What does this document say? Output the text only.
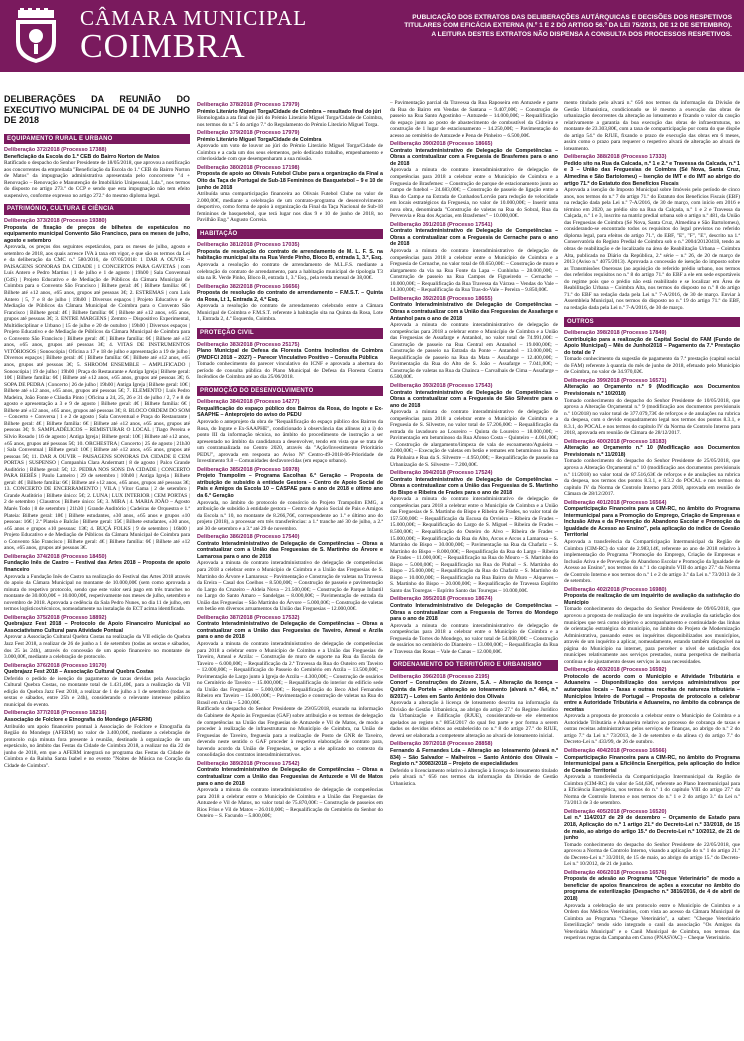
CÂMARA MUNICIPAL
COIMBRA
PUBLICAÇÃO DOS EXTRATOS DAS DELIBERAÇÕES AUTÁRQUICAS E DECISÕES DOS RESPETIVOS TITULARES COM EFICÁCIA EXTERNA (N.º 1 E 2 DO ARTIGO 56.º DA LEI 75/2013, DE 12 DE SETEMBRO). A LEITURA DESTES EXTRATOS NÃO DISPENSA A CONSULTA DOS PROCESSOS RESPETIVOS.
DELIBERAÇÕES DA REUNIÃO DO EXECUTIVO MUNICIPAL DE 04 DE JUNHO DE 2018
EQUIPAMENTO RURAL E URBANO
Deliberação 372/2018 (Processo 17388)
Beneficiação da Escola do 1.º CEB do Bairro Norton de Matos

Ratificado o despacho do Senhor Presidente de 18/05/2018, que aprovou a notificação aos concorrentes da empreitada "Beneficiação da Escola do 1.º CEB do Bairro Norton de Matos" da impugnação administrativa apresentada pelo concorrente "4 + Renovação – Renovação e Manutenção de Imobiliário Unipessoal, Lda.", nos termos do disposto no artigo 273.º do CCP e sendo que esta impugnação não tem efeito suspensivo, conforme expresso no artigo 272.º do mesmo diploma legal.

PATRIMÓNIO, CULTURA E CIÊNCIA
Deliberação 373/2018 (Processo 19380)
Proposta de fixação de preços de bilhetes de espetáculos no equipamento municipal Convento São Francisco, para os meses de julho, agosto e setembro

Aprovada, os preços dos seguintes espetáculos, para os meses de julho, agosto e setembro de 2018, aos quais acresce IVA à taxa em vigor, e que são os termos da Lei e da deliberação da CMC n.º 580/2016, de 07/05/2018: 1 DAR A OUVIR – PAISAGENS SONORAS DA CIDADE | 1 CONCERTOS PARA GAVETAS | com Luís Antero e Pedro Martins | 1 de julho e 1 de agosto | 19h00 | Sala Conventual (CdS) | Projeto Educativo e de Mediação de Públicos da Câmara Municipal de Coimbra para o Convento São Francisco | Bilhete geral: 4€ | Bilhete família: 6€ | Bilhete até ±12 anos, ±65 anos, grupos até pessoas 3€; 2. ESTREMAS | com Luís Antero | 5, 7 e 8 de julho | 19h00 | Diversos espaços | Projeto Educativo e de Mediação de Públicos da Câmara Municipal de Coimbra para o Convento São Francisco | Bilhete geral: 4€ | Bilhete família: 6€ | Bilhete até ±12 anos, ±65 anos, grupos até pessoas 3€; 3. ENTRE MARGENS | Zemtro – Dispositivo Experimental, Multidisciplinar e Urbano | 15 de julho e 20 de outubro | 19h00 | Diversos espaços | Projeto Educativo e de Mediação de Públicos da Câmara Municipal de Coimbra para o Convento São Francisco | Bilhete geral: 4€ | Bilhete família: 6€ | Bilhete até ±12 anos, ±65 anos, grupos até pessoas 3€; 4. VITAS DE INSTRUMENTOS VITÓRIOSOS | Sonoscópia | Oficina a 17 e 18 de julho e apresentação a 19 de julho | Diversos espaços | Bilhete geral: 4€ | Bilhete família: 6€ | Bilhete até ±12 anos, ±65 anos, grupos até pessoas 3€; 5. SHROOM ENSEMBLE – AMPLIFICADO | Sonoscópia | 19 de julho | 19h00 | Praça do Restaurante e Antiga Igreja | Bilhete geral: 10€ | Bilhete família: 6€ | Bilhete até ±12 anos, ±65 anos, grupos até pessoas 3€; 6. SOPA DE PEDRA | Concerto | 26 de julho | 19h00 | Antiga Igreja | Bilhete geral: 10€ | Bilhete até ±12 anos, ±65 anos, grupos até pessoas 5€; 7. ELEMENTO | Luís Pedro Madeira, João Fonte e Cláudia Pinto | Oficina a 24, 25, 26 e 31 de julho / 2, 7 e 8 de agosto e apresentação a 3 e 9 de agosto | Bilhete geral: 4€ | Bilhete família: 6€ | Bilhete até ±12 anos, ±65 anos, grupos até pessoas 3€; 8. BLOCO ORDEM DO SOM – Concerto + Conversa | 1 e 2 de agosto | Sala Conventual e Praça do Restaurante | Bilhete geral: 4€ | Bilhete família: 6€ | Bilhete até ±12 anos, ±65 anos, grupos até pessoas 3€; 9. SAMPLADÉLICOS – REMISTURAR O LOCAL | Tiago Pereira e Sílvio Rosado | 16 de agosto | Antiga Igreja | Bilhete geral: 10€ | Bilhete até ±12 anos, ±65 anos, grupos até pessoas 5€; 10. ORCHESTRA | Concerto | 25 de agosto | 21h30 | Sala Conventual | Bilhete geral: 10€ | Bilhete até ±12 anos, ±65 anos, grupos até pessoas 5€; 11. DAR A OUVIR – PAISAGENS SONORAS DA CIDADE E CEM PORTAS | SUSPENSO | Companhia Clara Andermatt | 8 de agosto | Palco Grande Auditório | Bilhete geral: 5€; 12. PEDRA NOS SONS DA CIDADE | CONCERTO PARA BEBÉS | Paulo Lameiro | 29 de setembro | 10h00 | Antiga Igreja | Bilhete geral: 4€ | Bilhete família: 6€ | Bilhete até ±12 anos, ±65 anos, grupos até pessoas 3€; 13. CONCERTO DE ENCERRAMENTO | VILA | Vítor Gama | 2 de setembro | Grande Auditório | Bilhete único: 5€; 2. LUNA | LUX INTERIOR | CEM PORTAS | 2 de setembro | Claustros | Bilhete único: 5€; 3. MIRA | 4. MARIA JOÃO – Agosto Marés Todo | 8 de setembro | 21h30 | Grande Auditório | Cadeiras de Orquestra e 1.ª Plateia: Bilhete geral: 18€ | Bilhete estudantes, ±30 anos, ±65 anos e grupos ±10 pessoas: 16€ | 2.ª Plateia e Balcão | Bilhete geral: 15€ | Bilhete estudantes, ±30 anos, ±65 anos e grupos ±10 pessoas: 13€; 4. BUÇÁ FOLKS | 9 de setembro | 16h00 | Projeto Educativo e de Mediação de Públicos da Câmara Municipal de Coimbra para o Convento São Francisco | Bilhete geral: 4€ | Bilhete família: 6€ | Bilhete até ±12 anos, ±65 anos, grupos até pessoas 3€.

Deliberação 374/2018 (Processo 18450)
Fundação Inês de Castro – Festival das Artes 2018 – Proposta de apoio financeiro

Aprovada a Fundação Inês de Castro na realização do Festival das Artes 2018 através do apoio da Câmara Municipal no montante de 10.000,00€ (sem como aprovada a minuta do respetivo protocolo, sendo que este valor será pago em três tranches no montante de 30.000,00€ + 10.000,00€, respetivamente nos meses de julho, setembro e novembro de 2018. Aprovada a cedência da Sala Pedro Nunes, no dia 11 de julho, em termos logísticos/técnicos, nomeadamente na instalação do ECT acima identificada.

Deliberação 375/2018 (Processo 18892)
Quebrajazz Fest 2018 – Protocolo de Apoio Financeiro Municipal ao Associativismo Cultural para Atividade Pontual

Aprovar a Associação Cultural Quebra Costas na realização da VII edição do Quebra Jazz Fest 2018, a realizar de 26 de junho a 1 de setembro (todas as sextas e sábados, dos 25 às 24h), através do concessão de um apoio financeiro no montante de 3.000,00€, mediante a celebração de protocolo.

Deliberação 376/2018 (Processo 19170)
Quebrajazz Fest 2018 – Associação Cultural Quebra Costas

Deferido o pedido de isenção do pagamento de taxas devidas pela Associação Cultural Quebra Costas, no montante total de 1.431,40€, para a realização da VII edição do Quebra Jazz Fest 2018, a realizar de 1 de julho a 1 de setembro (todas as sextas e sábados, entre 25h e 24h), considerando o relevante interesse público municipal do evento.

Deliberação 377/2018 (Processo 18216)
Associação de Folclore e Etnografia do Mondego (AFERM)

Atribuído um apoio financeiro pontual à Associação de Folclore e Etnografia da Região do Mondego (AFERM) no valor de 3.400,00€, mediante a celebração de protocolo cuja minuta fora presente à reunião, destinado à organização de um espetáculo, no âmbito das Festas da Cidade de Coimbra 2018, a realizar no dia 22 de junho de 2018, em que a AFERM integrará no programa das Festas da Cidade de Coimbra e da Rainha Santa Isabel e no evento "Noites de Música no Coração da Cidade de Coimbra".

Deliberação 378/2018 (Processo 17979)
Prémio Literário Miguel Torga/Cidade de Coimbra – resultado final do júri

Homologada a ata final do júri do Prémio Literário Miguel Torga/Cidade de Coimbra, nos termos do n.º 5 do artigo 7.º do Regulamento do Prémio Literário Miguel Torga.

Deliberação 379/2018 (Processo 17979)
Prémio Literário Miguel Torga/Cidade de Coimbra

Aprovado um voto de louvor ao júri do Prémio Literário Miguel Torga/Cidade de Coimbra e a cada um dos seus elementos, pelo dedicado trabalho, empenhamento e criteriosidade com que desempenharam a sua missão.

Deliberação 380/2018 (Processo 17198)
Proposta de apoio ao Olivais Futebol Clube para a organização da Final a Oito da Taça de Portugal de Sub-18 Femininos de Basquetebol – 9 e 10 de junho de 2018

Atribuída uma comparticipação financeira ao Olivais Futebol Clube no valor de 2.000,00€, mediante a celebração de um contrato-programa de desenvolvimento desportivo, como forma de apoio à organização da Final da Taça Nacional de Sub-18 femininos de basquetebol, que terá lugar nos dias 9 e 10 de junho de 2018, no Pavilhão Eng.º Augusto Correia.

HABITAÇÃO
Deliberação 381/2018 (Processo 17035)
Proposta de resolução do contrato de arrendamento de M. L. F. S. na habitação municipal sita na Rua Verde Pinho, Bloco B, entrada 1, 3.º, Esq.

Aprovada a resolução do contrato de arrendamento de M.L.F.S. mediante a celebração do contrato de arrendamento, para a habitação municipal de tipologia T3 sita na R. Verde Pinho, Bloco B, entrada 1, 3.º Esq., pela renda mensal de 38,00€.

Deliberação 382/2018 (Processo 16656)
Proposta de resolução do contrato de arrendamento – F.M.S.T. – Quinta da Rosa, Lt 1, Entrada 2, 4.º Esq.

Aprovada a resolução do contrato de arrendamento celebrado entre a Câmara Municipal de Coimbra e F.M.S.T. referente à habitação sita na Quinta da Rosa, Lote 1, Entrada 2, 4.º Esquerdo, Coimbra.

PROTEÇÃO CIVIL
Deliberação 383/2018 (Processo 25175)
Plano Municipal de Defesa da Floresta Contra Incêndios de Coimbra (PMDFCI 2018 – 2027) – Parecer Vinculativo Positivo – Consulta Pública

Tomado conhecimento do parecer vinculativo do ICNF e aprovada a abertura do período de consulta pública do Plano Municipal de Defesa da Floresta Contra Incêndios de Coimbra até ao dia 25/06/2018.

PROMOÇÃO DO DESENVOLVIMENTO
Deliberação 384/2018 (Processo 14277)
Requalificação do espaço público dos Bairros da Rosa, do Ingote e Ex-SAAPHE – Anteprojeto do aviso do PEDU

Aprovado o anteprojeto da obra de "Requalificação do espaço público dos Bairros da Rosa, do Ingote e Ex-SAAPHE", condicionado à observância das alíneas a) a i) do ponto III da informação técnica, no âmbito do procedimento de instrução a ser apresentado no âmbito da candidatura a desenvolver, tendo em vista que se trata de um contratualizada no Centro 2020, através da "Ação/Investimento Prioritário PEDU", aprovada em resposta ao Aviso Nº Centro-49-2018-06-Prioridade de Investimento 9.8 – Comunidades desfavorecidas (em espaço urbano).

Deliberação 385/2018 (Processo 16978)
Projeto Trampolim – Programa Escolhas 6.ª Geração – Proposta de atribuição de subsídio à entidade Gestora – Centro de Apoio Social de Pais e Amigos da Escola 10 – CASPAE para o ano de 2018 e último ano da 6.ª Geração

Aprovada, no âmbito do protocolo de consórcio do Projeto Trampolim EMG, a atribuição de subsídio à entidade gestora – Centro de Apoio Social de Pais e Amigos da Escola n.º 10, no montante de 8.266,76€, correspondente ao 1.º e último ano do projeto (2018), a processar em três transferências: a 1.ª tranche até 30 de julho, a 2.ª até 30 de setembro e a 3.ª até 29 de novembro.

Deliberação 386/2018 (Processo 17540)
Contrato Interadministrativo de Delegação de Competências – Obras a contratualizar com a União das Freguesias de S. Martinho do Árvore e Lamarosa para o ano de 2018

Aprovada a minuta do contrato interadministrativo de delegação de competências para 2018 a celebrar entre o Município de Coimbra e a União das Freguesias de S. Martinho do Árvore e Lamarosa: – Pavimentação e Construção de valetas na Travessa da Ereira – Casal dos Coelhos – 8.500,00€; – Construção de passeio e pavimentação do Largo do Cruzeiro – Aldeia Nova – 21.500,00€; – Construção de Parque Infantil no Largo do Santo Amaro – Sandelgas – 8.000,00€; – Pavimentação de estrada da União das Freguesias – São Martinho do Árvore – 5.000,00€; – Construção de valetas em betão em diversos arruamentos da União das Freguesias – 12.000,00€.

Deliberação 387/2018 (Processo 17532)
Contrato Interadministrativo de Delegação de Competências – Obras a contratualizar com a União das Freguesias de Taveiro, Ameal e Arzila para o ano de 2018

Aprovada a minuta do contrato interadministrativo de delegação de competências para 2018 a celebrar entre o Município de Coimbra e a União das Freguesias de Taveiro, Ameal e Arzila: – Construção de muro de suporte na Rua da Escola de Taveiro – 6.000,00€; – Requalificação da 2.ª Travessa da Rua do Outeiro em Taveiro – 12.000,00€; – Requalificação do Passeio do Cemitério em Arzila – 13.500,00€; – Pavimentação de Largo junto à Igreja de Arzila – 4.300,00€; – Construção de ossários no Cemitério de Taveiro – 15.000,00€; – Requalificação do interior do edifício sede da União das Freguesias – 5.000,00€; – Requalificação do Beco Abel Fernandes Ribeiro em Taveiro – 15.000,00€; – Pavimentação e construção de valetas na Rua do Brasil em Arzila – 5.200,00€.

Ratificado o despacho do Senhor Presidente de 29/05/2018, exarado na informação do Gabinete de Apoio às Freguesias (GAF) sobre atribuição e os termos de delegação de competências na União das Freguesias de Antuzede e Vil de Matos, de modo a proceder à realização de infraestruturas no Município de Coimbra, na União de Freguesias de Taveiro, freguesia para a realização de Posto de GNR de Taveiro, devendo neste sentido o GAF proceder à respetiva elaboração de contrato para, havendo acordo da União de Freguesias, se ação a ele aplicado no contexto da consolidação dos contratos interadministrativos.

Deliberação 389/2018 (Processo 17542)
Contrato Interadministrativo de Delegação de Competências – Obras a contratualizar com a União das Freguesias de Antuzede e Vil de Matos para o ano de 2018

Aprovada a minuta do contrato interadministrativo de delegação de competências para 2018 a celebrar entre o Município de Coimbra e a União das Freguesias de Antuzede e Vil de Matos, no valor total de 75.870,00€: – Construção de passeios em Rios Frios e Vil de Matos – 26.010,00€; – Requalificação do Cemitério do Senhor do Outeiro – S. Facundo – 5.800,00€;

– Pavimentação parcial da Travessa da Rua Raposeira em Antuzede e parte da Rua do Bairro em Vendas de Santana – 9.407,00€; – Construção de passeio na Rua Santo Agostinho – Antuzede – 14.000,00€; – Requalificação do espaço junto ao posto de abastecimento de combustível da Cidreira e construção de 1 lugar de estacionamento – 14.250,00€; – Pavimentação do acesso ao cemitério de Antuzede e Pena de Pinheiro – 6.500,00€.

Deliberação 390/2018 (Processo 18665)
Contrato Interadministrativo de Delegação de Competências – Obras a contratualizar com a Freguesia de Brasfemes para o ano de 2018

Aprovada a minuta do contrato interadministrativo de delegação de competências para 2018 a celebrar entre o Município de Coimbra e a Freguesia de Brasfemes: – Construção de parque de estacionamento junto ao campo de futebol – 24.683,00€; – Construção de passeio de ligação entre a Rua do Camp.e na Estrada de Cunhados/Lorvão para redução de velocidade em locais estratégicos da Freguesia, no valor de 10.000,00€; – Inserir uma nova obra, denominada "Construção de valetas na Rua do Sobral, Rua da Pervenvia e Rua dos Açacias, em Brasfemes" – 10.000,00€.

Deliberação 391/2018 (Processo 17541)
Contrato Interadministrativo de Delegação de Competências – Obras a contratualizar com a Freguesia de Cernache para o ano de 2018

Aprovada a minuta do contrato interadministrativo de delegação de competências para 2018 a celebrar entre o Município de Coimbra e a Freguesia de Cernache, no valor total de 69.650,00€: – Construção de muro e alargamento da via na Rua Fonte da Lapa – Cunhinha – 28.000,00€; – Construção de passeio na Rua Campos de Figueiredo – Cernache – 10.000,00€; – Requalificação da Rua Travessa da Várzea – Vendas do Vale – 14.300,00€; – Requalificação da Rua Tras-do-Vale – Pereira – 9.850,00€.

Deliberação 392/2018 (Processo 18655)
Contrato Interadministrativo de Delegação de Competências – Obras a contratualizar com a União das Freguesias de Assafarge e Antanhol para o ano de 2018

Aprovada a minuta do contrato interadministrativo de delegação de competências para 2018 a celebrar entre o Município de Coimbra e a União das Freguesias de Assafarge e Antanhol, no valor total de 74.991,00€: – Construção de passeio na Rua Central em Antanhol – 19.000,00€; – Construção de passeio na Estrada da Ponte – Antanhol – 13.000,00€; – Requalificação de passeio na Rua da Mata – Assafarge – 12.400,00€; – Pavimentação da Rua do Alto de S. João – Assafarge – 7.041,00€; – Construção de valetas na Rua da Chainca – Carvalhais de Cima – Assafarge – 6.500,00€.

Deliberação 393/2018 (Processo 17543)
Contrato Interadministrativo de Delegação de Competências – Obras a contratualizar com a Freguesia de São Silvestre para o ano de 2018

Aprovada a minuta do contrato interadministrativo de delegação de competências para 2018 a celebrar entre o Município de Coimbra e a Freguesia de S. Silvestre, no valor total de 57.206,00€: – Requalificação da estrada do lavadouro ao Loureiro – Quinta do Loureiro – 18.000,00€; – Pavimentação em betuminoso da Rua Afonso Costa – Quinteiro – 4.061,00€; – Construção de alargamento/limpeza de vala de escoamento/Aguieira – 2.000,00€; – Execução de valetas em betão e remates em betuminoso na Rua da Pinhaira e Rua da S. Silvestre – 4.950,00€; – Requalificação de passeio na Urbanização de S. Silvestre – 7.200,00€.

Deliberação 394/2018 (Processo 17524)
Contrato Interadministrativo de Delegação de Competências – Obras a contratualizar com a União das Freguesias de S. Martinho do Bispo e Ribeira de Frades para o ano de 2018

Aprovada a minuta do contrato interadministrativo de delegação de competências para 2018 a celebrar entre o Município de Coimbra e a União das Freguesias de S. Martinho do Bispo e Ribeira de Frades, no valor total de 157.500,00€: – Requalificação da Escusa da Orvieira – Ribeira de Frades – 15.000,00€; – Requalificação do Largo de S. Miguel – Ribeira de Frades – 8.500,00€; – Requalificação do Outeiro do Alvo – Ribeira de Frades – 15.000,00€; – Requalificação da Rua do Alto, Arcos e Arcos a Lamarosa – S. Martinho do Bispo – 30.000,00€; – Pavimentação na Rua da Chafariz – S. Martinho do Bispo – 8.000,00€; – Requalificação da Rua do Largo – Ribeira de Frades – 11.000,00€; – Requalificação na Rua do Mouro – S. Martinho do Bispo – 5.000,00€; – Requalificação na Rua do Pinhal – S. Martinho do Bispo – 25.000,00€; – Requalificação da Rua do Chafariz – S. Martinho do Bispo – 10.000,00€; – Requalificação na Rua Bairro do Muro – Alqueves – S. Martinho do Bispo – 20.000,00€; – Requalificação de Travessa Espírito Santo das Touregas – Espírito Santo das Touregas – 10.000,00€.

Deliberação 395/2018 (Processo 18674)
Contrato Interadministrativo de Delegação de Competências – Obras a contratualizar com a Freguesia de Torres do Mondego para o ano de 2018

Aprovada a minuta do contrato interadministrativo de delegação de competências para 2018 a celebrar entre o Município de Coimbra e a Freguesia de Torres do Mondego, no valor total de 54.008,00€: – Construção de ossários no cemitério do Dianteiro – 13.000,00€; – Requalificação da Rua e Travessa das Rosas – Vale de Canas – 12.000,00€.

ORDENAMENTO DO TERRITÓRIO E URBANISMO
Deliberação 396/2018 (Processo 2195)
Conorf – Construções do Zézere, S.A. – Alteração da licença – Quinta da Portela – alteração ao loteamento (alvará n.º 464, n.º 8/2017) – Lotes em Santo António dos Olivais

Aprovada a alteração à licença de loteamento descrita na informação da Divisão de Gestão Urbanística, ao abrigo do artigo 27.º do Regime Jurídico da Urbanização e Edificação (RJUE), considerando-se ele elementos apelados ao registo n.º 8054/2017 do qual fez parte e por forma a serem dados os devidos efeitos ao estabelecido no n.º 8 do artigo 27.º do RJUE, deverá ser elaborada a competente alteração ao alvará de loteamento inicial.

Deliberação 397/2018 (Processo 28858)
Fernando & Fernandes Lda – Alteração ao loteamento (alvará n.º 834) – São Salvador – Malheiros – Santo António dos Olivais – Registo n.º 30983/2018 – Projeto de especialidades

Deferido o licenciamento relativo à alteração à licença do loteamento titulado pelo alvará n.º 656 nos termos da informação da Divisão de Gestão Urbanística.

mento titulado pelo alvará n.º 656 nos termos da informação da Divisão de Gestão Urbanística, condicionado se lê mesmo a execução das obras de urbanização decorrentes da alteração ao loteamento e fixando o valor da caução relativamente a garantia da boa execução das obras de infraestruturas, no montante de 23.303,80€, com a taxa de comparticipação por conta do que dispõe do artigo 54.º do RJUE, fixando o prazo de execução das obras em 6 meses, assim como o prazo para requerer o respetivo alvará de alteração ao alvará de loteamento.

Deliberação 388/2018 (Processo 17333)
Pedido sito na Rua da Calcada, n.º 1 e 2.ª e Travessa da Calcada, n.º 1 e 3 – União das Freguesias de Coimbra (Sé Nova, Santa Cruz, Almedina e São Bartolomeu) – Isenção de IMT e do IMT ao abrigo do artigo 71.º do Estatuto dos Benefícios Fiscais

Aprovada a isenção do Imposto Municipal sobre Imóveis pelo período de cinco anos, nos termos do n.º 7 do artigo 71.º do Estatuto dos Benefícios Fiscais (EBF) na redação dada pela Lei n.º 7-A/2016, de 30 de março, com início em 2016 e término em 2020, ao prédio sito na Rua da Calçada, n.º 1 e 2 e Travessa da Calçada, n.º 1 e 3, inscrito na matriz predial urbana sob o artigo n.º 481, da União das Freguesias de Coimbra (Sé Nova, Santa Cruz, Almedina e São Bartolomeu), considerando-se encontrado todos os requisitos do legal previstos no referido diploma legal, para efeitos do artigo 71.º, do EBF, "E", "F", "E", descrito na 1.ª Conservatória do Registo Predial de Coimbra sob o n.º 2004/20120418, tendo as obras de reabilitação e de localizado na área de Reabilitação Urbana – Coimbra Alta, publicada no Diário da República, 2.ª série – n.º 26, de 20 de março de 2013 (Aviso n.º 4075/2013). Aprovada a concessão de isenção do imposto sobre as Transmissões Onerosas (ao aquisição do referido prédio urbano, nos termos dos referidos requisitos no n.º 8 do artigo 71.º do EBF a ele em sede exportáveis do regime pois que o prédio não está reabilitado e se localizar em Área de Reabilitação Urbana – Coimbra Alta, nos termos do disposto no n.º 8 do artigo 71.º do EBF na redação dada pela Lei n.º 7-A/2016, de 30 de março. Enviar à Assembleia Municipal, nos termos do disposto no n.º 19 do artigo 71.º do EBF, na redação dada pela Lei n.º 7-A/2016, de 30 de março.

OUTROS
Deliberação 398/2018 (Processo 17849)
Contribuição para a realização de Capital Social do FAM (Fundo de Apoio Municipal) – Mês de Junho/2018 – Pagamento da 7.ª Prestação do total de 7

Tomado conhecimento da sugestão de pagamento da 7.ª prestação (capital social do FAM) referente à quantia do mês de junho de 2018, efetuado pelo Município de Coimbra, no valor de 34.970,02€.

Deliberação 399/2018 (Processo 16571)
Alteração ao Orçamento n.º 9 (Modificação aos Documentos Previsionais n.º 10/2018)

Tomado conhecimento do despacho do Senhor Presidente de 10/05/2018, que aprova a Alteração Orçamental n.º 9 (modificação aos documentos previsionais n.º 10/2018) no valor total de 377.079,73€ de reforços e de anulações na rubrica da despesa, com o devido enquadramento legal nos termos dos pontos 8.3.1, e 8.3.1, do POCAL e nos termos do capítulo IV da Norma de Controlo Interno para 2018, aprovada em reunião de Câmara de 28/12/2017.

Deliberação 400/2018 (Processo 18183)
Alteração ao Orçamento n.º 10 (Modificação aos Documentos Previsionais n.º 11/2018)

Tomado conhecimento do despacho do Senhor Presidente de 25/05/2018, que aprova a Alteração Orçamental n.º 10 (modificação aos documentos previsionais n.º 11/2018) no valor total de 87.516,63€ de reforços e de anulações na rubrica da despesa, nos termos dos pontos 8.3.1, e 8.3.2 do POCAL e nos termos do capítulo IV da Norma de Controlo Interno para 2018, aprovada em reunião de Câmara de 28/12/2017.

Deliberação 401/2018 (Processo 16564)
Comparticipação Financeira para a CIM-RC, no âmbito do Programa Intermunicipal para a Promoção do Emprego, Criação de Empresas e Inclusão Ativa e da Prevenção do Abandono Escolar e Promoção da Igualdade de Acesso ao Ensino", pela aplicação do índice de Coesão Territorial

Aprovada a transferência da Comparticipação Intermunicipal da Região de Coimbra (CIM-RC) do valor de 2.983,14€, referente ao ano de 2018 relativo à implementação do Programa "Promoção do Emprego, Criação de Empresas e Inclusão Ativa e de Prevenção do Abandono Escolar e Promoção da Igualdade de Acesso ao Ensino", nos termos do n.º 1 do capítulo VIII do artigo 27.º da Norma de Controlo Interno e nos termos do n.º 1 e 2 do artigo 3.º da Lei n.º 73/2013 de 3 de setembro.

Deliberação 402/2018 (Processo 16980)
Proposta de realização de um inquérito de avaliação da satisfação do Município

Tomado conhecimento do despacho do Senhor Presidente de 09/05/2018, que aprovou a proposta de realização de um inquérito de avaliação da satisfação dos munícipes que terá como objetivo o acompanhamento e continuidade das linhas de orientação estratégica do município, no âmbito do Projeto de Modernização Administrativa, passando estes os inquéritos disponibilizados aos municípios, através de um inquérito a aplicar, nomeadamente, estando também disponível na página do Município na internet, para perceber o nível de satisfação dos munícipes relativamente aos serviços prestados, numa perspetiva de melhoria contínua e de ajustamento desses serviços às suas necessidades.

Deliberação 403/2018 (Processo 16592)
Protocolo de acordo com o Município e Atividade Tributária e Aduaneira – Disponibilização dos serviços administrativos por autarquias locais – Taxas e outras receitas de natureza tributária – Municípios Inteiro de Portugal – Proposta de protocolo a celebrar entre a Autoridade Tributária e Aduaneira, no âmbito da cobrança de receitas

Aprovada a proposta de protocolo a celebrar entre o Município de Coimbra e a Autoridade Tributária e Aduaneira relativo ao processo de cobrança de taxas e outras receitas administrativas pelos serviços de finanças, ao abrigo do n.º 2 do artigo 7.º da Lei n.º 73/2013, de 3 de setembro e da alínea c) do artigo 7.º do Decreto-Lei n.º 433/99, de 26 de outubro.

Deliberação 404/2018 (Processo 16566)
Comparticipação Financeira para a CIM-RC, no âmbito do Programa Intermunicipal para a Eficiência Energética, pela aplicação do Índice de Coesão Territorial

Aprovada a transferência da Comparticipação Intermunicipal da Região de Coimbra (CIM-RC) do valor de 544,63€, referente ao Plano Intermunicipal para a Eficiência Energética, nos termos do n.º 1 do capítulo VIII do artigo 27.º da Norma de Controlo Interno e nos termos do n.º 1 e 2 do artigo 3.º da Lei n.º 73/2013 de 3 de setembro.

Deliberação 405/2018 (Processo 16520)
Lei n.º 114/2017 de 29 de dezembro – Orçamento de Estado para 2018, Aplicação do n.º 1 artigo 21.º do Decreto-Lei n.º 33/2018, de 15 de maio, ao abrigo do artigo 15.º do Decreto-Lei n.º 10/2012, de 21 de junho

Tomado conhecimento do despacho do Senhor Presidente de 22/05/2018, que aprovou a Norma de Controlo Interno, visando a aplicação do n.º 1 do artigo 21.º do Decreto-Lei n.º 33/2018, de 15 de maio, ao abrigo do artigo 15.º do Decreto-Lei n.º 10/2012, de 21 de junho.

Deliberação 406/2018 (Processo 16576)
Proposta de adesão ao Programa "Cheque Veterinário" de modo a beneficiar de apoios financeiros de ações a executar no âmbito do programa de esterilização (Despacho n.º 3816/2016, de 4 de abril de 2018)

Aprovada a celebração de um protocolo entre o Município de Coimbra e a Ordem dos Médicos Veterinários, com vista ao acesso da Câmara Municipal de Coimbra ao Programa "Cheque Veterinário", a saber: "Cheque Veterinário Esterilização" tendo sido integrado o canil da associação "Os Amigos da Veterinária Municipal" e o Canil Municipal de Coimbra, nos termos das respetivas regras da Campanha em Curso (PNASVAC) – Cheque Veterinário.
